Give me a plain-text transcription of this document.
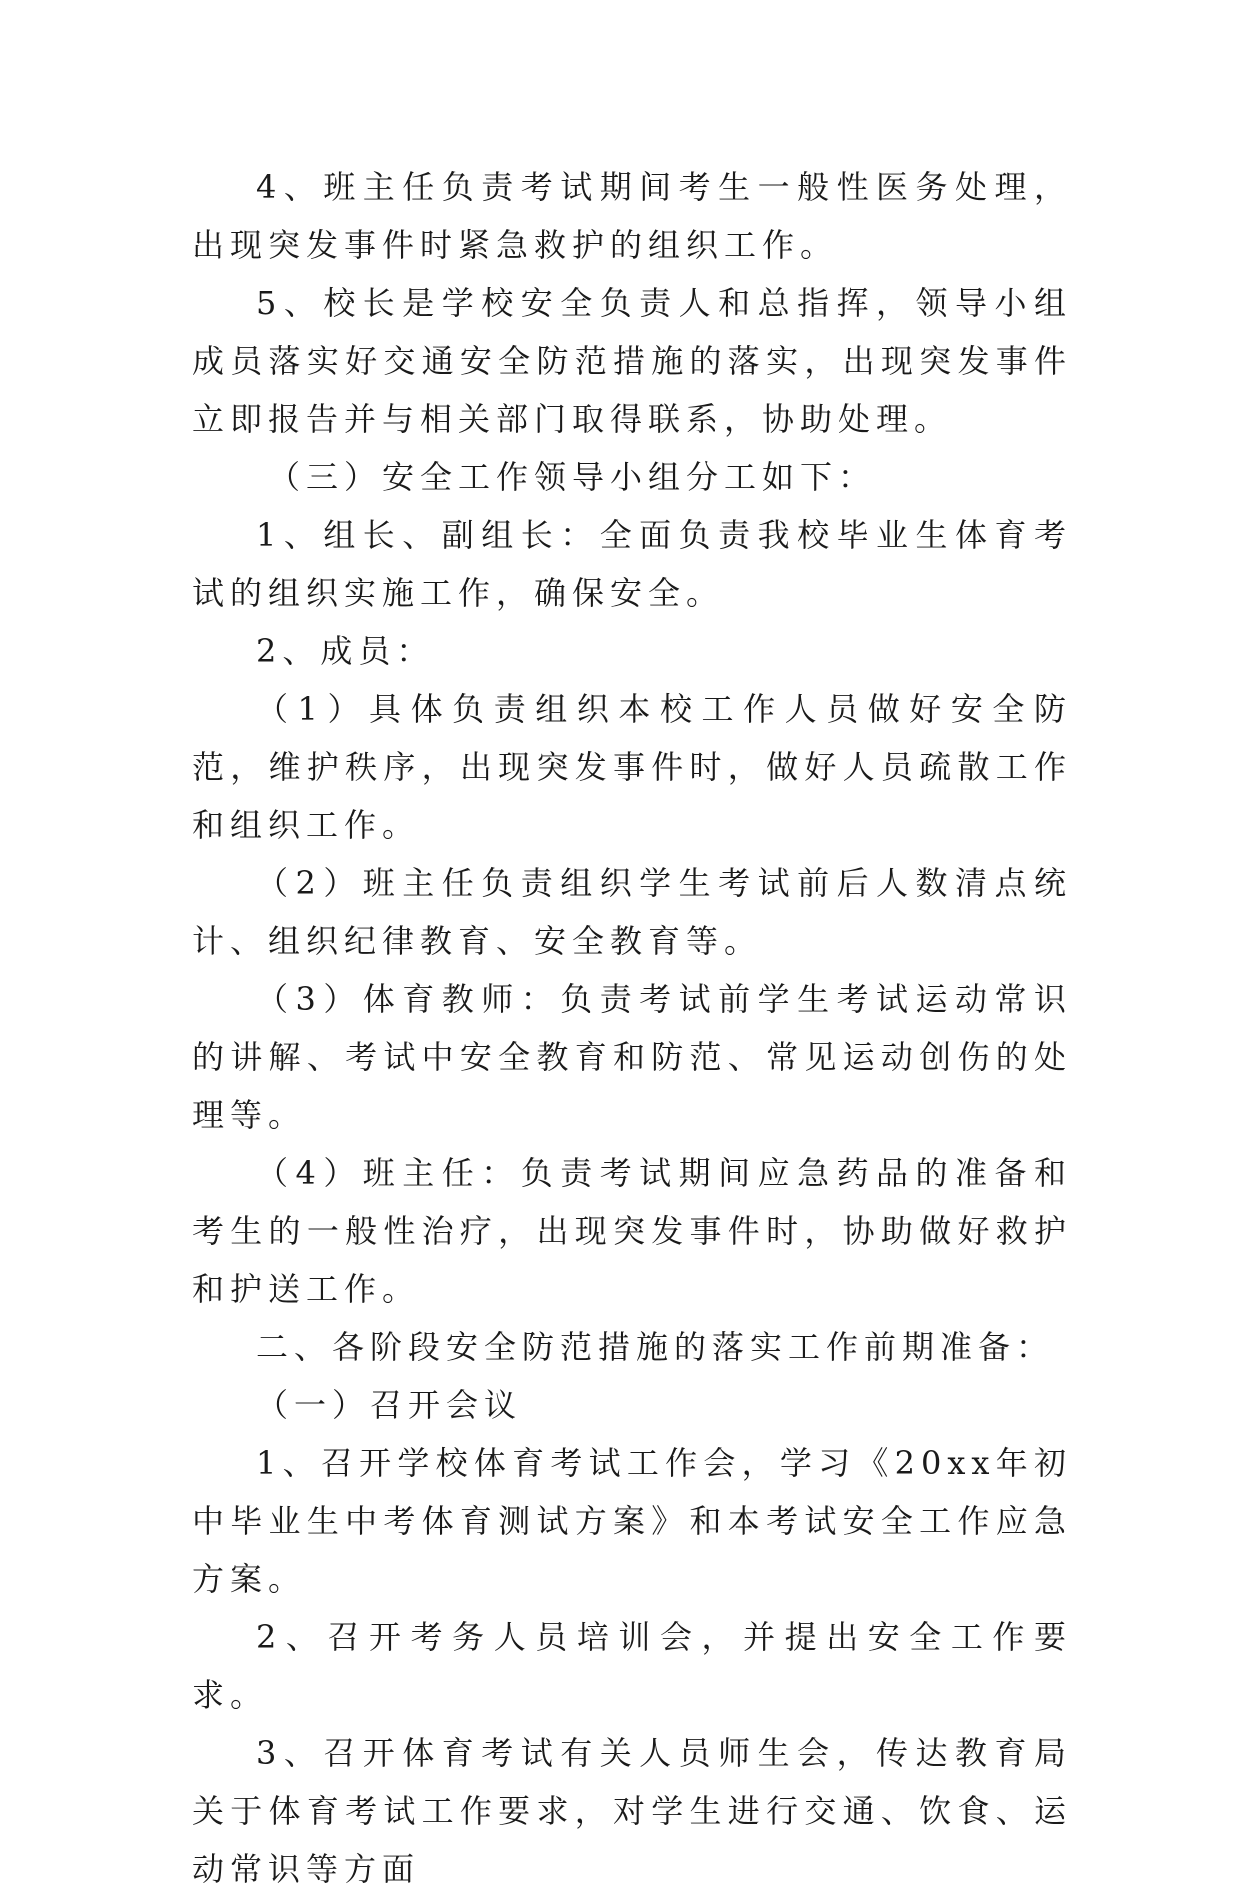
4、班主任负责考试期间考生一般性医务处理，出现突发事件时紧急救护的组织工作。

5、校长是学校安全负责人和总指挥，领导小组成员落实好交通安全防范措施的落实，出现突发事件立即报告并与相关部门取得联系，协助处理。

（三）安全工作领导小组分工如下：

1、组长、副组长：全面负责我校毕业生体育考试的组织实施工作，确保安全。

2、成员：

（1）具体负责组织本校工作人员做好安全防范，维护秩序，出现突发事件时，做好人员疏散工作和组织工作。

（2）班主任负责组织学生考试前后人数清点统计、组织纪律教育、安全教育等。

（3）体育教师：负责考试前学生考试运动常识的讲解、考试中安全教育和防范、常见运动创伤的处理等。

（4）班主任：负责考试期间应急药品的准备和考生的一般性治疗，出现突发事件时，协助做好救护和护送工作。

二、各阶段安全防范措施的落实工作前期准备：

（一）召开会议

1、召开学校体育考试工作会，学习《20xx年初中毕业生中考体育测试方案》和本考试安全工作应急方案。

2、召开考务人员培训会，并提出安全工作要求。

3、召开体育考试有关人员师生会，传达教育局关于体育考试工作要求，对学生进行交通、饮食、运动常识等方面
